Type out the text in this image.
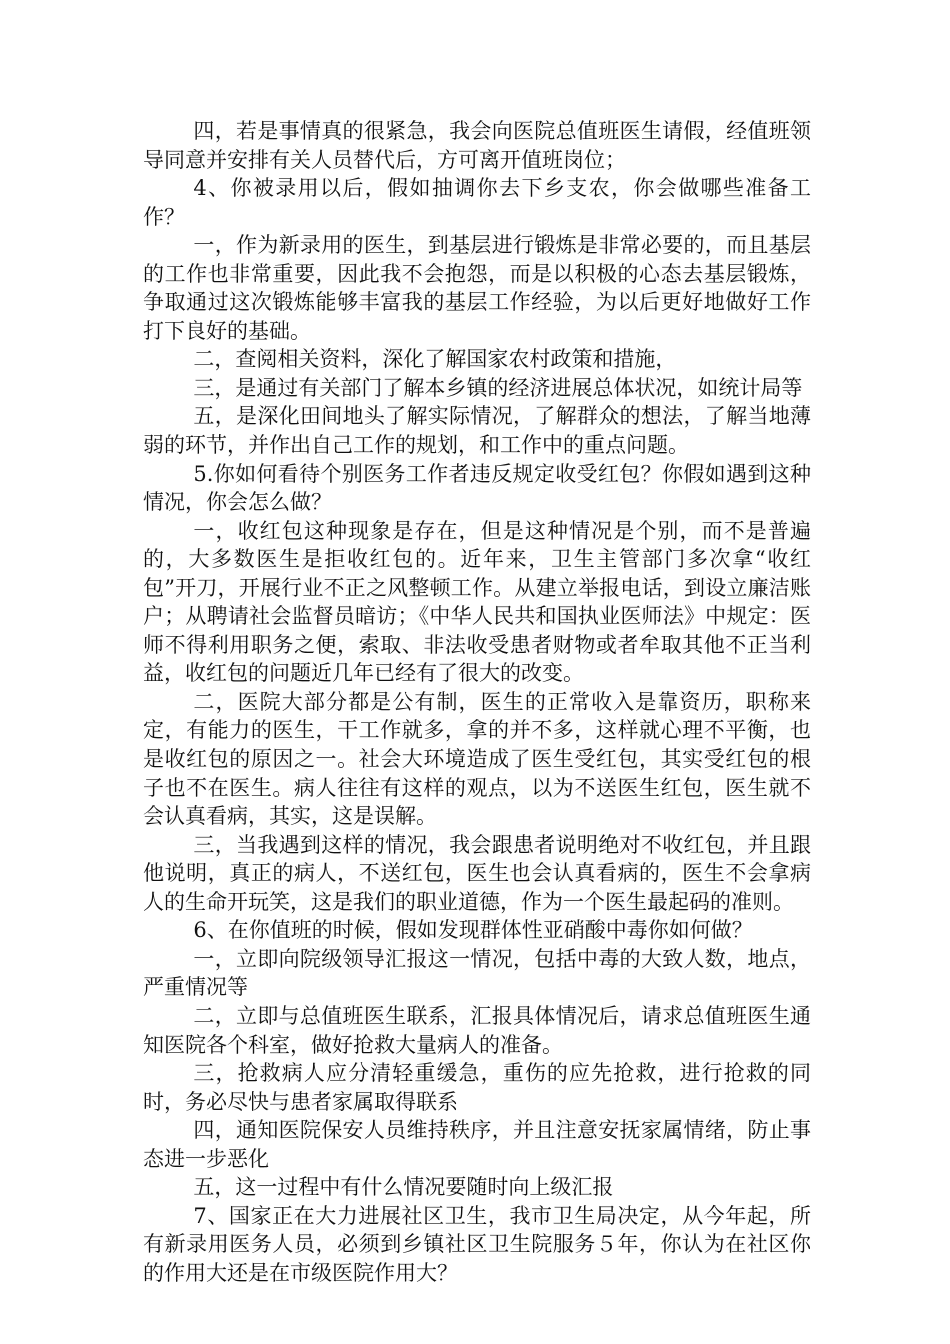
四，若是事情真的很紧急，我会向医院总值班医生请假，经值班领导同意并安排有关人员替代后，方可离开值班岗位；

4、你被录用以后，假如抽调你去下乡支农，你会做哪些准备工作？

一，作为新录用的医生，到基层进行锻炼是非常必要的，而且基层的工作也非常重要，因此我不会抱怨，而是以积极的心态去基层锻炼，争取通过这次锻炼能够丰富我的基层工作经验，为以后更好地做好工作打下良好的基础。

二，查阅相关资料，深化了解国家农村政策和措施，

三，是通过有关部门了解本乡镇的经济进展总体状况，如统计局等

五，是深化田间地头了解实际情况，了解群众的想法，了解当地薄弱的环节，并作出自己工作的规划，和工作中的重点问题。

5.你如何看待个别医务工作者违反规定收受红包？你假如遇到这种情况，你会怎么做？

一，收红包这种现象是存在，但是这种情况是个别，而不是普遍的，大多数医生是拒收红包的。近年来，卫生主管部门多次拿“收红包”开刀，开展行业不正之风整顿工作。从建立举报电话，到设立廉洁账户；从聘请社会监督员暗访；《中华人民共和国执业医师法》中规定：医师不得利用职务之便，索取、非法收受患者财物或者牟取其他不正当利益，收红包的问题近几年已经有了很大的改变。

二，医院大部分都是公有制，医生的正常收入是靠资历，职称来定，有能力的医生，干工作就多，拿的并不多，这样就心理不平衡，也是收红包的原因之一。社会大环境造成了医生受红包，其实受红包的根子也不在医生。病人往往有这样的观点，以为不送医生红包，医生就不会认真看病，其实，这是误解。

三，当我遇到这样的情况，我会跟患者说明绝对不收红包，并且跟他说明，真正的病人，不送红包，医生也会认真看病的，医生不会拿病人的生命开玩笑，这是我们的职业道德，作为一个医生最起码的准则。

6、在你值班的时候，假如发现群体性亚硝酸中毒你如何做？

一，立即向院级领导汇报这一情况，包括中毒的大致人数，地点，严重情况等

二，立即与总值班医生联系，汇报具体情况后，请求总值班医生通知医院各个科室，做好抢救大量病人的准备。

三，抢救病人应分清轻重缓急，重伤的应先抢救，进行抢救的同时，务必尽快与患者家属取得联系

四，通知医院保安人员维持秩序，并且注意安抚家属情绪，防止事态进一步恶化

五，这一过程中有什么情况要随时向上级汇报

7、国家正在大力进展社区卫生，我市卫生局决定，从今年起，所有新录用医务人员，必须到乡镇社区卫生院服务５年，你认为在社区你的作用大还是在市级医院作用大？
